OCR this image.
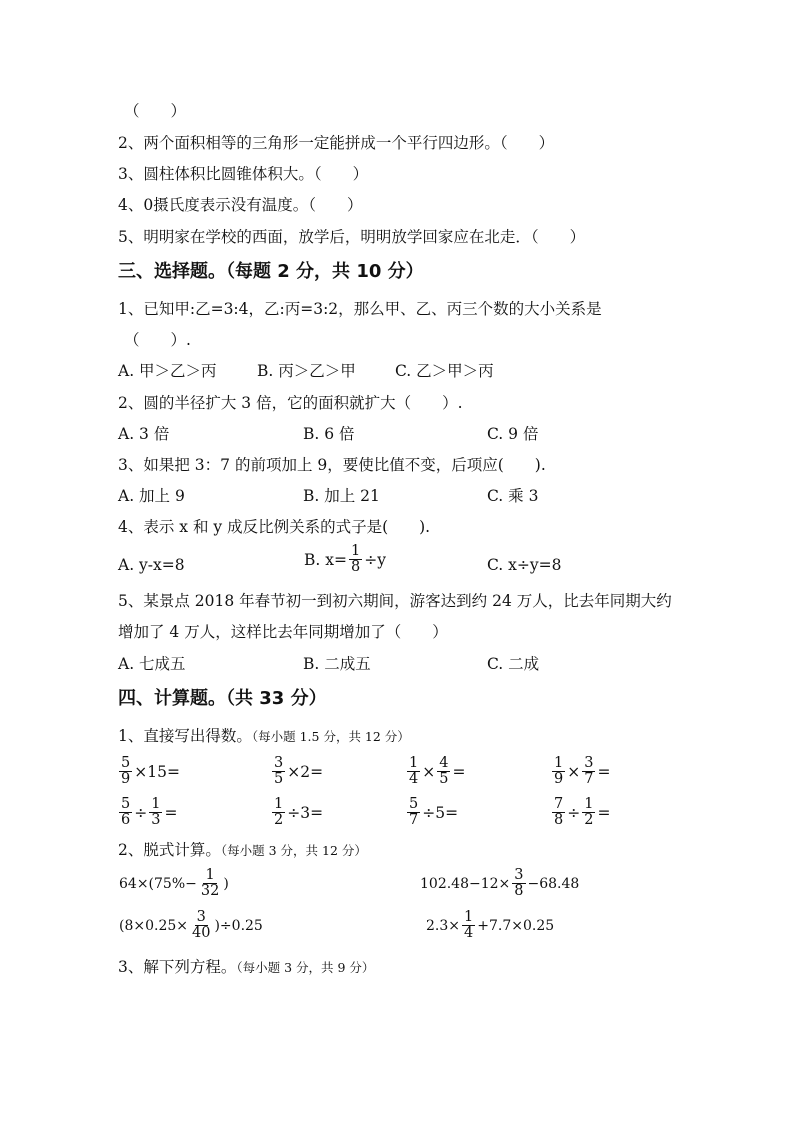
（　　）
2、两个面积相等的三角形一定能拼成一个平行四边形。（　　）
3、圆柱体积比圆锥体积大。（　　）
4、0摄氏度表示没有温度。（　　）
5、明明家在学校的西面，放学后，明明放学回家应在北走．（　　）
三、选择题。（每题 2 分，共 10 分）
1、已知甲:乙=3:4，乙:丙=3:2，那么甲、乙、丙三个数的大小关系是
（　　）.
A. 甲＞乙＞丙	B. 丙＞乙＞甲	C. 乙＞甲＞丙
2、圆的半径扩大 3 倍，它的面积就扩大（　　）.
A. 3 倍	B. 6 倍	C. 9 倍
3、如果把 3：7 的前项加上 9，要使比值不变，后项应(　　).
A. 加上 9	B. 加上 21	C. 乘 3
4、表示 x 和 y 成反比例关系的式子是(　　).
A. y-x=8	B. $x= \frac{1}{8} \div y$	C. x÷y=8
5、某景点 2018 年春节初一到初六期间，游客达到约 24 万人，比去年同期大约
增加了 4 万人，这样比去年同期增加了（　　）
A. 七成五	B. 二成五	C. 二成
四、计算题。（共 33 分）
1、直接写出得数。（每小题 1.5 分，共 12 分）
$\frac{5}{9} \times 15=$	$\frac{3}{5} \times 2=$	$\frac{1}{4} \times \frac{4}{5}$ =	$\frac{1}{9} \times \frac{3}{7}$ =
$\frac{5}{6} \div \frac{1}{3}$ =	$\frac{1}{2} \div 3=$	$\frac{5}{7} \div 5=$	$\frac{7}{8} \div \frac{1}{2}$ =
2、脱式计算。（每小题 3 分，共 12 分）
$64\times(75\%- \frac{1}{32}$ )	$102.48-12\times \frac{3}{8} -68.48$
$(8\times 0.25\times \frac{3}{40} )\div 0.25$	$2.3\times \frac{1}{4} +7.7\times 0.25$
3、解下列方程。（每小题 3 分，共 9 分）
